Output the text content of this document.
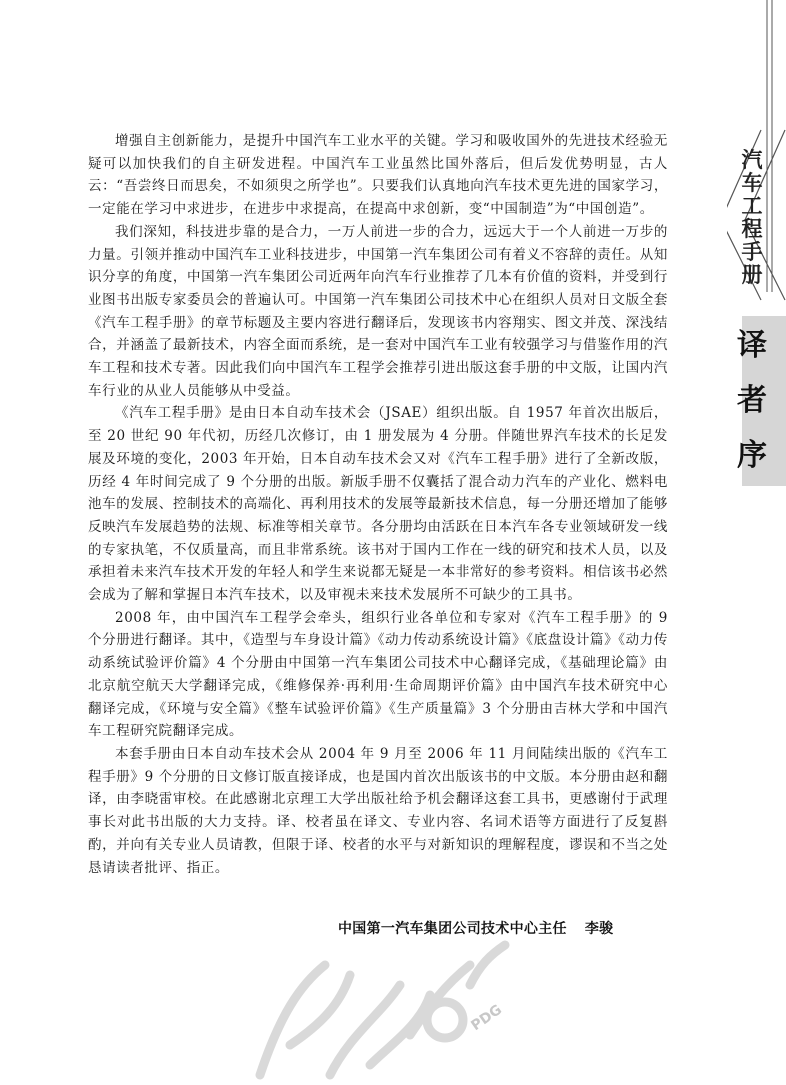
汽
车
工
程
手
册
译
者
序

增强自主创新能力，是提升中国汽车工业水平的关键。学习和吸收国外的先进技术经验无疑可以加快我们的自主研发进程。中国汽车工业虽然比国外落后，但后发优势明显，古人云：“吾尝终日而思矣，不如须臾之所学也”。只要我们认真地向汽车技术更先进的国家学习，一定能在学习中求进步，在进步中求提高，在提高中求创新，变“中国制造”为“中国创造”。

我们深知，科技进步靠的是合力，一万人前进一步的合力，远远大于一个人前进一万步的力量。引领并推动中国汽车工业科技进步，中国第一汽车集团公司有着义不容辞的责任。从知识分享的角度，中国第一汽车集团公司近两年向汽车行业推荐了几本有价值的资料，并受到行业图书出版专家委员会的普遍认可。中国第一汽车集团公司技术中心在组织人员对日文版全套《汽车工程手册》的章节标题及主要内容进行翻译后，发现该书内容翔实、图文并茂、深浅结合，并涵盖了最新技术，内容全面而系统，是一套对中国汽车工业有较强学习与借鉴作用的汽车工程和技术专著。因此我们向中国汽车工程学会推荐引进出版这套手册的中文版，让国内汽车行业的从业人员能够从中受益。

《汽车工程手册》是由日本自动车技术会（JSAE）组织出版。自 1957 年首次出版后，至 20 世纪 90 年代初，历经几次修订，由 1 册发展为 4 分册。伴随世界汽车技术的长足发展及环境的变化，2003 年开始，日本自动车技术会又对《汽车工程手册》进行了全新改版，历经 4 年时间完成了 9 个分册的出版。新版手册不仅囊括了混合动力汽车的产业化、燃料电池车的发展、控制技术的高端化、再利用技术的发展等最新技术信息，每一分册还增加了能够反映汽车发展趋势的法规、标准等相关章节。各分册均由活跃在日本汽车各专业领域研发一线的专家执笔，不仅质量高，而且非常系统。该书对于国内工作在一线的研究和技术人员，以及承担着未来汽车技术开发的年轻人和学生来说都无疑是一本非常好的参考资料。相信该书必然会成为了解和掌握日本汽车技术，以及审视未来技术发展所不可缺少的工具书。

2008 年，由中国汽车工程学会牵头，组织行业各单位和专家对《汽车工程手册》的 9 个分册进行翻译。其中，《造型与车身设计篇》《动力传动系统设计篇》《底盘设计篇》《动力传动系统试验评价篇》4 个分册由中国第一汽车集团公司技术中心翻译完成，《基础理论篇》由北京航空航天大学翻译完成，《维修保养·再利用·生命周期评价篇》由中国汽车技术研究中心翻译完成，《环境与安全篇》《整车试验评价篇》《生产质量篇》3 个分册由吉林大学和中国汽车工程研究院翻译完成。

本套手册由日本自动车技术会从 2004 年 9 月至 2006 年 11 月间陆续出版的《汽车工程手册》9 个分册的日文修订版直接译成，也是国内首次出版该书的中文版。本分册由赵和翻译，由李晓雷审校。在此感谢北京理工大学出版社给予机会翻译这套工具书，更感谢付于武理事长对此书出版的大力支持。译、校者虽在译文、专业内容、名词术语等方面进行了反复斟酌，并向有关专业人员请教，但限于译、校者的水平与对新知识的理解程度，谬误和不当之处恳请读者批评、指正。

中国第一汽车集团公司技术中心主任 李骏
PDG
